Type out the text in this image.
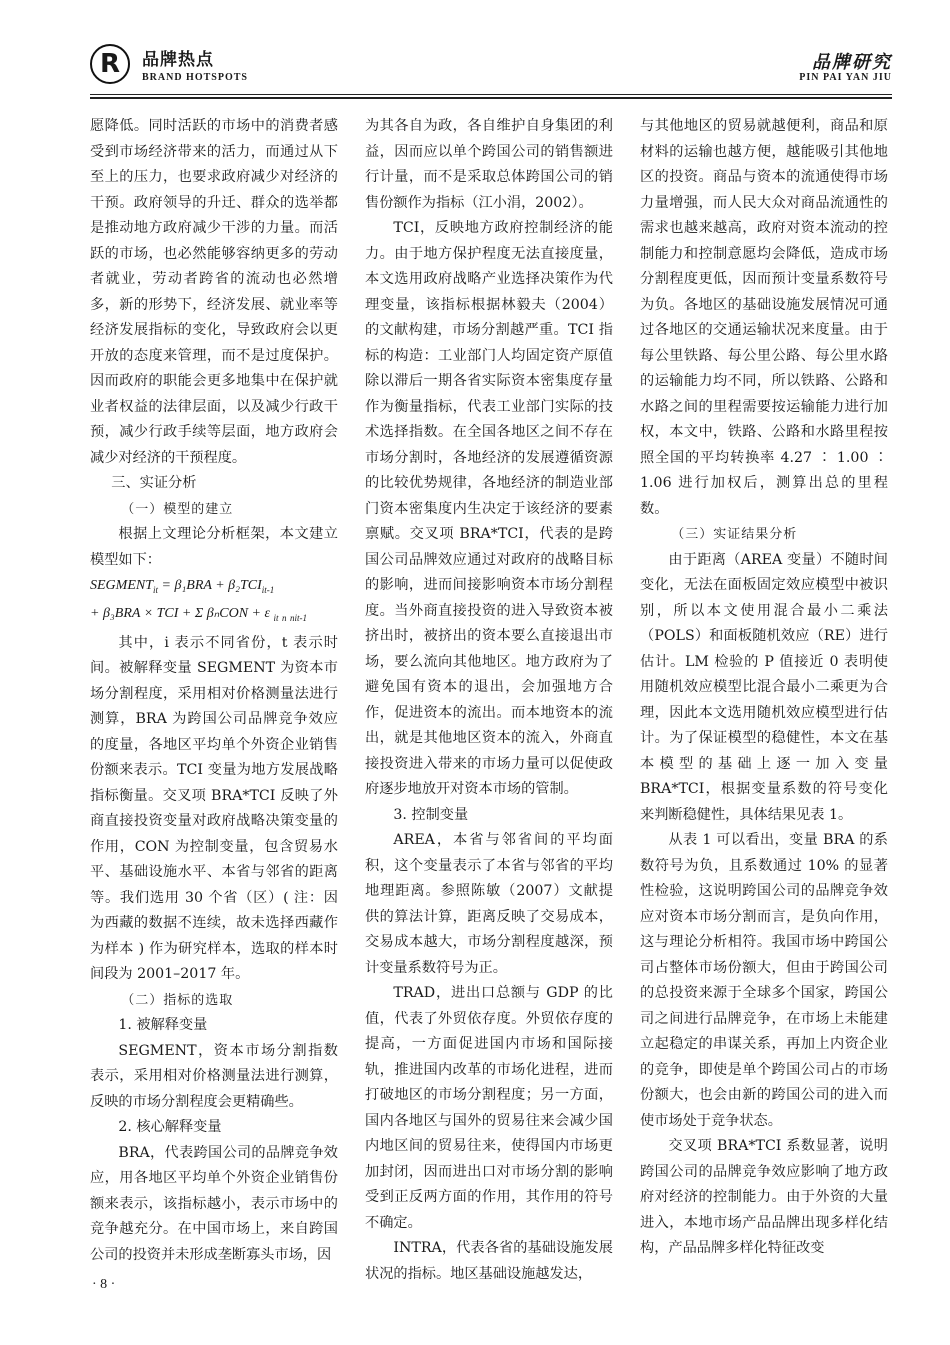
R	品牌热点
BRAND HOTSPOTS
品牌研究
PIN PAI YAN JIU

愿降低。同时活跃的市场中的消费者感受到市场经济带来的活力，而通过从下至上的压力，也要求政府减少对经济的干预。政府领导的升迁、群众的选举都是推动地方政府减少干涉的力量。而活跃的市场，也必然能够容纳更多的劳动者就业，劳动者跨省的流动也必然增多，新的形势下，经济发展、就业率等经济发展指标的变化，导致政府会以更开放的态度来管理，而不是过度保护。因而政府的职能会更多地集中在保护就业者权益的法律层面，以及减少行政干预，减少行政手续等层面，地方政府会减少对经济的干预程度。

三、实证分析

（一）模型的建立

根据上文理论分析框架，本文建立模型如下：

$SEGMENT_{it} = \beta_1BRA + \beta_2TCI_{it-1}$
+ β₃BRA × TCI + Σ βₙCON + ε $_{it}$ $_n$ $_{nit-1}$

其中，i 表示不同省份，t 表示时间。被解释变量 SEGMENT 为资本市场分割程度，采用相对价格测量法进行测算，BRA 为跨国公司品牌竞争效应的度量，各地区平均单个外资企业销售份额来表示。TCI 变量为地方发展战略指标衡量。交叉项 BRA*TCI 反映了外商直接投资变量对政府战略决策变量的作用，CON 为控制变量，包含贸易水平、基础设施水平、本省与邻省的距离等。我们选用 30 个省（区）( 注：因为西藏的数据不连续，故未选择西藏作为样本 ) 作为研究样本，选取的样本时间段为 2001–2017 年。

（二）指标的选取

1. 被解释变量

SEGMENT，资本市场分割指数表示，采用相对价格测量法进行测算，反映的市场分割程度会更精确些。

2. 核心解释变量

BRA，代表跨国公司的品牌竞争效应，用各地区平均单个外资企业销售份额来表示，该指标越小，表示市场中的竞争越充分。在中国市场上，来自跨国公司的投资并未形成垄断寡头市场，因

为其各自为政，各自维护自身集团的利益，因而应以单个跨国公司的销售额进行计量，而不是采取总体跨国公司的销售份额作为指标（江小涓，2002）。

TCI，反映地方政府控制经济的能力。由于地方保护程度无法直接度量，本文选用政府战略产业选择决策作为代理变量，该指标根据林毅夫（2004）的文献构建，市场分割越严重。TCI 指标的构造：工业部门人均固定资产原值除以滞后一期各省实际资本密集度存量作为衡量指标，代表工业部门实际的技术选择指数。在全国各地区之间不存在市场分割时，各地经济的发展遵循资源的比较优势规律，各地经济的制造业部门资本密集度内生决定于该经济的要素禀赋。交叉项 BRA*TCI，代表的是跨国公司品牌效应通过对政府的战略目标的影响，进而间接影响资本市场分割程度。当外商直接投资的进入导致资本被挤出时，被挤出的资本要么直接退出市场，要么流向其他地区。地方政府为了避免国有资本的退出，会加强地方合作，促进资本的流出。而本地资本的流出，就是其他地区资本的流入，外商直接投资进入带来的市场力量可以促使政府逐步地放开对资本市场的管制。

3. 控制变量

AREA，本省与邻省间的平均面积，这个变量表示了本省与邻省的平均地理距离。参照陈敏（2007）文献提供的算法计算，距离反映了交易成本，交易成本越大，市场分割程度越深，预计变量系数符号为正。

TRAD，进出口总额与 GDP 的比值，代表了外贸依存度。外贸依存度的提高，一方面促进国内市场和国际接轨，推进国内改革的市场化进程，进而打破地区的市场分割程度；另一方面，国内各地区与国外的贸易往来会减少国内地区间的贸易往来，使得国内市场更加封闭，因而进出口对市场分割的影响受到正反两方面的作用，其作用的符号不确定。

INTRA，代表各省的基础设施发展状况的指标。地区基础设施越发达，

与其他地区的贸易就越便利，商品和原材料的运输也越方便，越能吸引其他地区的投资。商品与资本的流通使得市场力量增强，而人民大众对商品流通性的需求也越来越高，政府对资本流动的控制能力和控制意愿均会降低，造成市场分割程度更低，因而预计变量系数符号为负。各地区的基础设施发展情况可通过各地区的交通运输状况来度量。由于每公里铁路、每公里公路、每公里水路的运输能力均不同，所以铁路、公路和水路之间的里程需要按运输能力进行加权，本文中，铁路、公路和水路里程按照全国的平均转换率 4.27 ∶ 1.00 ∶ 1.06 进行加权后，测算出总的里程数。

（三）实证结果分析

由于距离（AREA 变量）不随时间变化，无法在面板固定效应模型中被识别，所以本文使用混合最小二乘法（POLS）和面板随机效应（RE）进行估计。LM 检验的 P 值接近 0 表明使用随机效应模型比混合最小二乘更为合理，因此本文选用随机效应模型进行估计。为了保证模型的稳健性，本文在基本模型的基础上逐一加入变量 BRA*TCI，根据变量系数的符号变化来判断稳健性，具体结果见表 1。

从表 1 可以看出，变量 BRA 的系数符号为负，且系数通过 10% 的显著性检验，这说明跨国公司的品牌竞争效应对资本市场分割而言，是负向作用，这与理论分析相符。我国市场中跨国公司占整体市场份额大，但由于跨国公司的总投资来源于全球多个国家，跨国公司之间进行品牌竞争，在市场上未能建立起稳定的串谋关系，再加上内资企业的竞争，即使是单个跨国公司占的市场份额大，也会由新的跨国公司的进入而使市场处于竞争状态。

交叉项 BRA*TCI 系数显著，说明跨国公司的品牌竞争效应影响了地方政府对经济的控制能力。由于外资的大量进入，本地市场产品品牌出现多样化结构，产品品牌多样化特征改变

· 8 ·
